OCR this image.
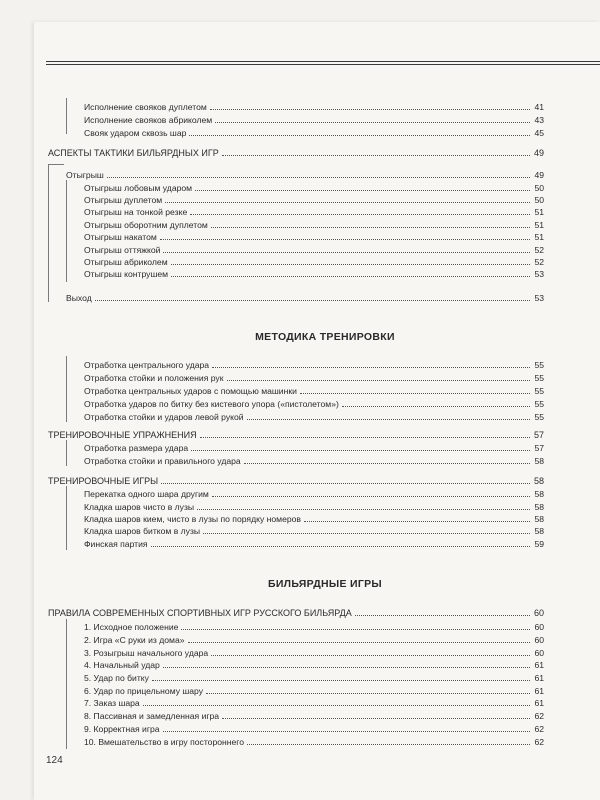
Исполнение свояков дуплетом	41
Исполнение свояков абриколем	43
Свояк ударом сквозь шар	45
АСПЕКТЫ ТАКТИКИ БИЛЬЯРДНЫХ ИГР	49
Отыгрыш	49
Отыгрыш лобовым ударом	50
Отыгрыш дуплетом	50
Отыгрыш на тонкой резке	51
Отыгрыш оборотним дуплетом	51
Отыгрыш накатом	51
Отыгрыш оттяжкой	52
Отыгрыш абриколем	52
Отыгрыш контрушем	53
Выход	53
МЕТОДИКА ТРЕНИРОВКИ
Отработка центрального удара	55
Отработка стойки и положения рук	55
Отработка центральных ударов с помощью машинки	55
Отработка ударов по битку без кистевого упора («пистолетом»)	55
Отработка стойки и ударов левой рукой	55
ТРЕНИРОВОЧНЫЕ УПРАЖНЕНИЯ	57
Отработка размера удара	57
Отработка стойки и правильного удара	58
ТРЕНИРОВОЧНЫЕ ИГРЫ	58
Перекатка одного шара другим	58
Кладка шаров чисто в лузы	58
Кладка шаров кием, чисто в лузы по порядку номеров	58
Кладка шаров битком в лузы	58
Финская партия	59
БИЛЬЯРДНЫЕ ИГРЫ
ПРАВИЛА СОВРЕМЕННЫХ СПОРТИВНЫХ ИГР РУССКОГО БИЛЬЯРДА	60
1. Исходное положение	60
2. Игра «С руки из дома»	60
3. Розыгрыш начального удара	60
4. Начальный удар	61
5. Удар по битку	61
6. Удар по прицельному шару	61
7. Заказ шара	61
8. Пассивная и замедленная игра	62
9. Корректная игра	62
10. Вмешательство в игру постороннего	62
124
